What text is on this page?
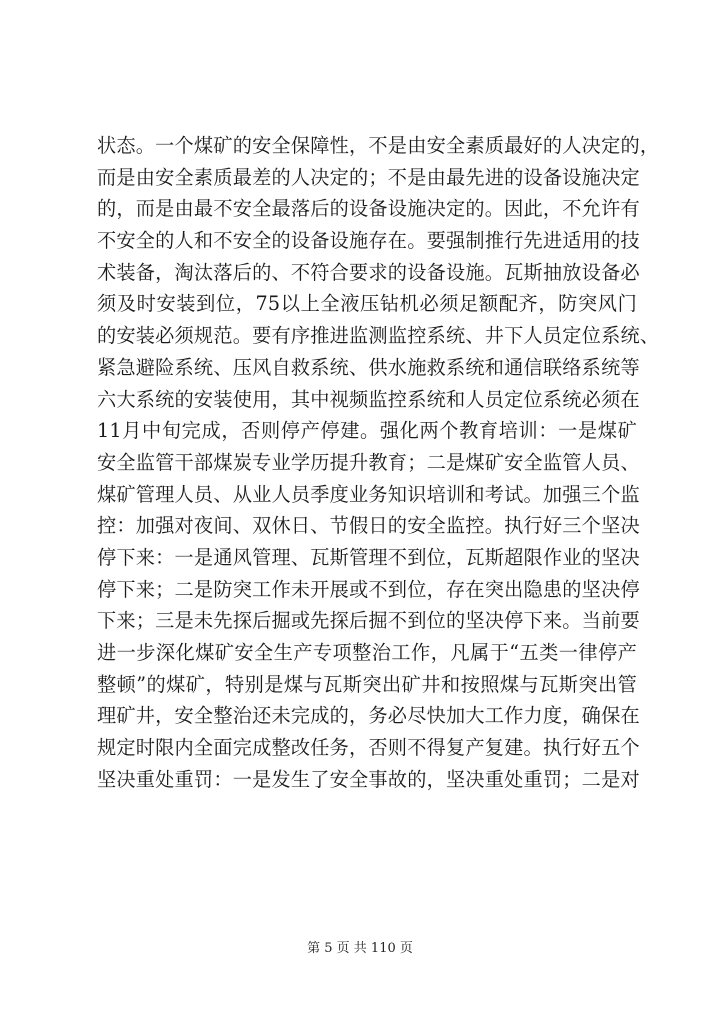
状态。一个煤矿的安全保障性，不是由安全素质最好的人决定的，
而是由安全素质最差的人决定的；不是由最先进的设备设施决定
的，而是由最不安全最落后的设备设施决定的。因此，不允许有
不安全的人和不安全的设备设施存在。要强制推行先进适用的技
术装备，淘汰落后的、不符合要求的设备设施。瓦斯抽放设备必
须及时安装到位，75以上全液压钻机必须足额配齐，防突风门
的安装必须规范。要有序推进监测监控系统、井下人员定位系统、
紧急避险系统、压风自救系统、供水施救系统和通信联络系统等
六大系统的安装使用，其中视频监控系统和人员定位系统必须在
11月中旬完成，否则停产停建。强化两个教育培训：一是煤矿
安全监管干部煤炭专业学历提升教育；二是煤矿安全监管人员、
煤矿管理人员、从业人员季度业务知识培训和考试。加强三个监
控：加强对夜间、双休日、节假日的安全监控。执行好三个坚决
停下来：一是通风管理、瓦斯管理不到位，瓦斯超限作业的坚决
停下来；二是防突工作未开展或不到位，存在突出隐患的坚决停
下来；三是未先探后掘或先探后掘不到位的坚决停下来。当前要
进一步深化煤矿安全生产专项整治工作，凡属于“五类一律停产
整顿”的煤矿，特别是煤与瓦斯突出矿井和按照煤与瓦斯突出管
理矿井，安全整治还未完成的，务必尽快加大工作力度，确保在
规定时限内全面完成整改任务，否则不得复产复建。执行好五个
坚决重处重罚：一是发生了安全事故的，坚决重处重罚；二是对
第 5 页 共 110 页
